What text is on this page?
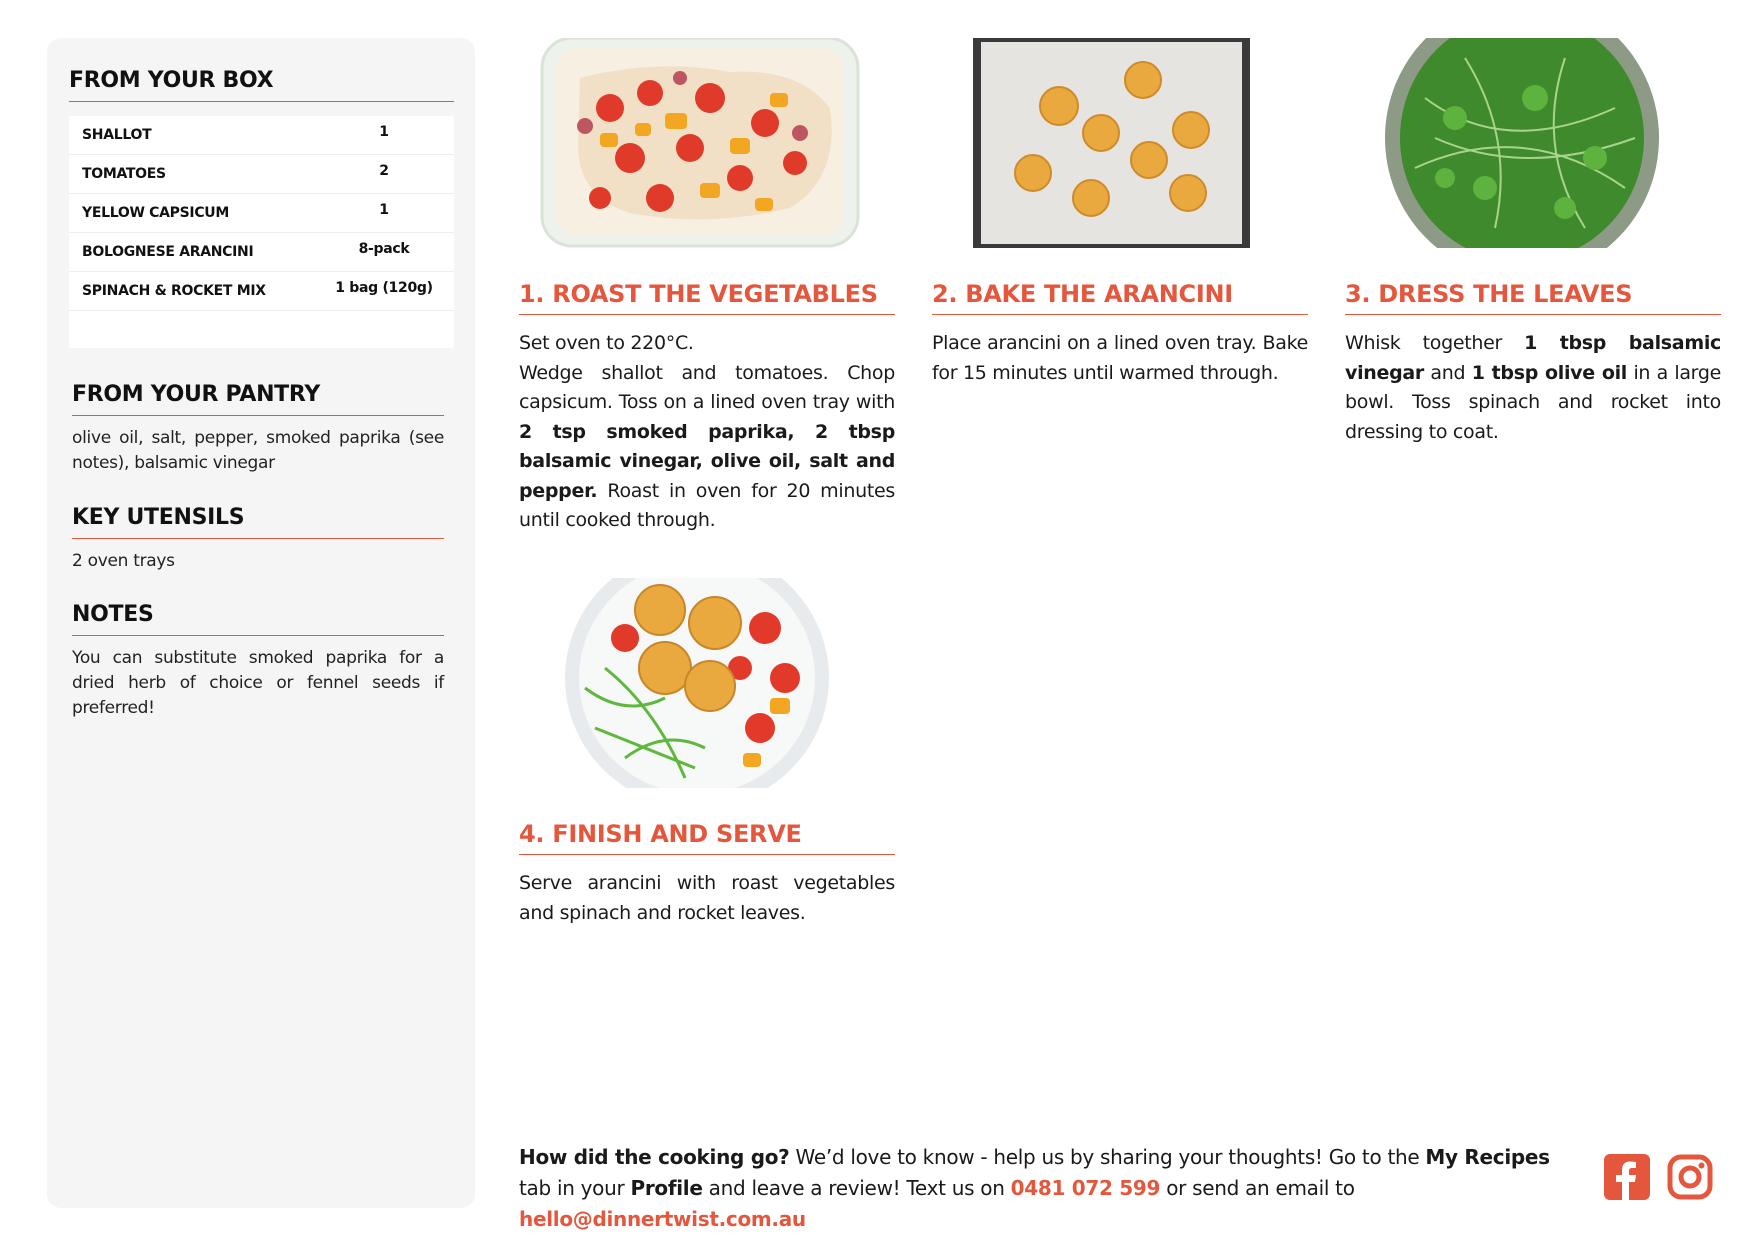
FROM YOUR BOX
SHALLOT	1
TOMATOES	2
YELLOW CAPSICUM	1
BOLOGNESE ARANCINI	8-pack
SPINACH & ROCKET MIX	1 bag (120g)
FROM YOUR PANTRY
olive oil, salt, pepper, smoked paprika (see notes), balsamic vinegar
KEY UTENSILS
2 oven trays
NOTES
You can substitute smoked paprika for a dried herb of choice or fennel seeds if preferred!
1. ROAST THE VEGETABLES
Set oven to 220°C.
Wedge shallot and tomatoes. Chop capsicum. Toss on a lined oven tray with 2 tsp smoked paprika, 2 tbsp balsamic vinegar, olive oil, salt and pepper. Roast in oven for 20 minutes until cooked through.
2. BAKE THE ARANCINI
Place arancini on a lined oven tray. Bake for 15 minutes until warmed through.
3. DRESS THE LEAVES
Whisk together 1 tbsp balsamic vinegar and 1 tbsp olive oil in a large bowl. Toss spinach and rocket into dressing to coat.
4. FINISH AND SERVE
Serve arancini with roast vegetables and spinach and rocket leaves.
How did the cooking go? We’d love to know - help us by sharing your thoughts! Go to the My Recipes tab in your Profile and leave a review! Text us on 0481 072 599 or send an email to hello@dinnertwist.com.au
